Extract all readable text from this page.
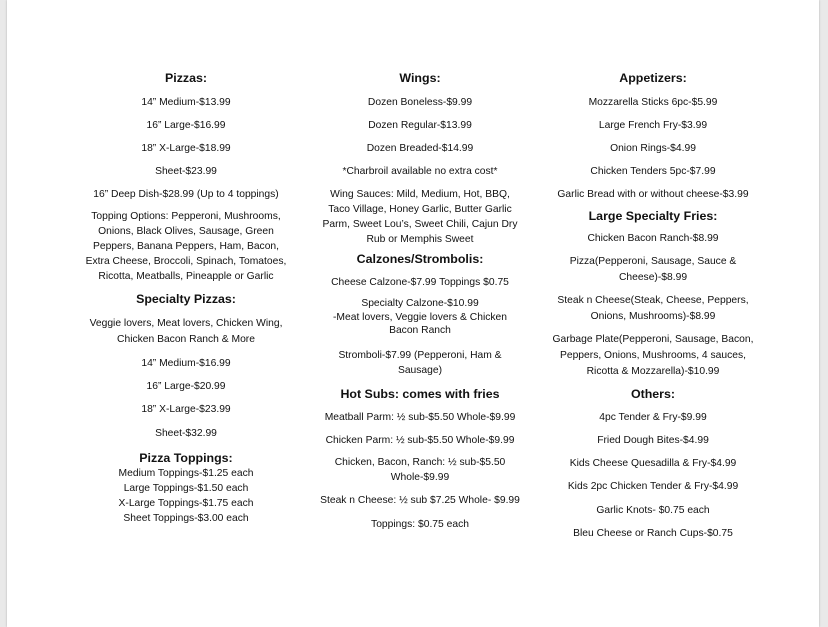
Pizzas:

14” Medium-$13.99

16” Large-$16.99

18” X-Large-$18.99

Sheet-$23.99

16” Deep Dish-$28.99 (Up to 4 toppings)

Topping Options: Pepperoni, Mushrooms,

Onions, Black Olives, Sausage, Green

Peppers, Banana Peppers, Ham, Bacon,

Extra Cheese, Broccoli, Spinach, Tomatoes,

Ricotta, Meatballs, Pineapple or Garlic

Specialty Pizzas:

Veggie lovers, Meat lovers, Chicken Wing,

Chicken Bacon Ranch & More

14” Medium-$16.99

16” Large-$20.99

18” X-Large-$23.99

Sheet-$32.99

Pizza Toppings:

Medium Toppings-$1.25 each

Large Toppings-$1.50 each

X-Large Toppings-$1.75 each

Sheet Toppings-$3.00 each

Wings:

Dozen Boneless-$9.99

Dozen Regular-$13.99

Dozen Breaded-$14.99

*Charbroil available no extra cost*

Wing Sauces: Mild, Medium, Hot, BBQ,

Taco Village, Honey Garlic, Butter Garlic

Parm, Sweet Lou’s, Sweet Chili, Cajun Dry

Rub or Memphis Sweet

Calzones/Strombolis:

Cheese Calzone-$7.99 Toppings $0.75

Specialty Calzone-$10.99

-Meat lovers, Veggie lovers & Chicken

Bacon Ranch

Stromboli-$7.99 (Pepperoni, Ham &

Sausage)

Hot Subs: comes with fries

Meatball Parm: ½ sub-$5.50 Whole-$9.99

Chicken Parm: ½ sub-$5.50 Whole-$9.99

Chicken, Bacon, Ranch: ½ sub-$5.50

Whole-$9.99

Steak n Cheese: ½ sub $7.25 Whole- $9.99

Toppings: $0.75 each

Appetizers:

Mozzarella Sticks 6pc-$5.99

Large French Fry-$3.99

Onion Rings-$4.99

Chicken Tenders 5pc-$7.99

Garlic Bread with or without cheese-$3.99

Large Specialty Fries:

Chicken Bacon Ranch-$8.99

Pizza(Pepperoni, Sausage, Sauce &

Cheese)-$8.99

Steak n Cheese(Steak, Cheese, Peppers,

Onions, Mushrooms)-$8.99

Garbage Plate(Pepperoni, Sausage, Bacon,

Peppers, Onions, Mushrooms, 4 sauces,

Ricotta & Mozzarella)-$10.99

Others:

4pc Tender & Fry-$9.99

Fried Dough Bites-$4.99

Kids Cheese Quesadilla & Fry-$4.99

Kids 2pc Chicken Tender & Fry-$4.99

Garlic Knots- $0.75 each

Bleu Cheese or Ranch Cups-$0.75
